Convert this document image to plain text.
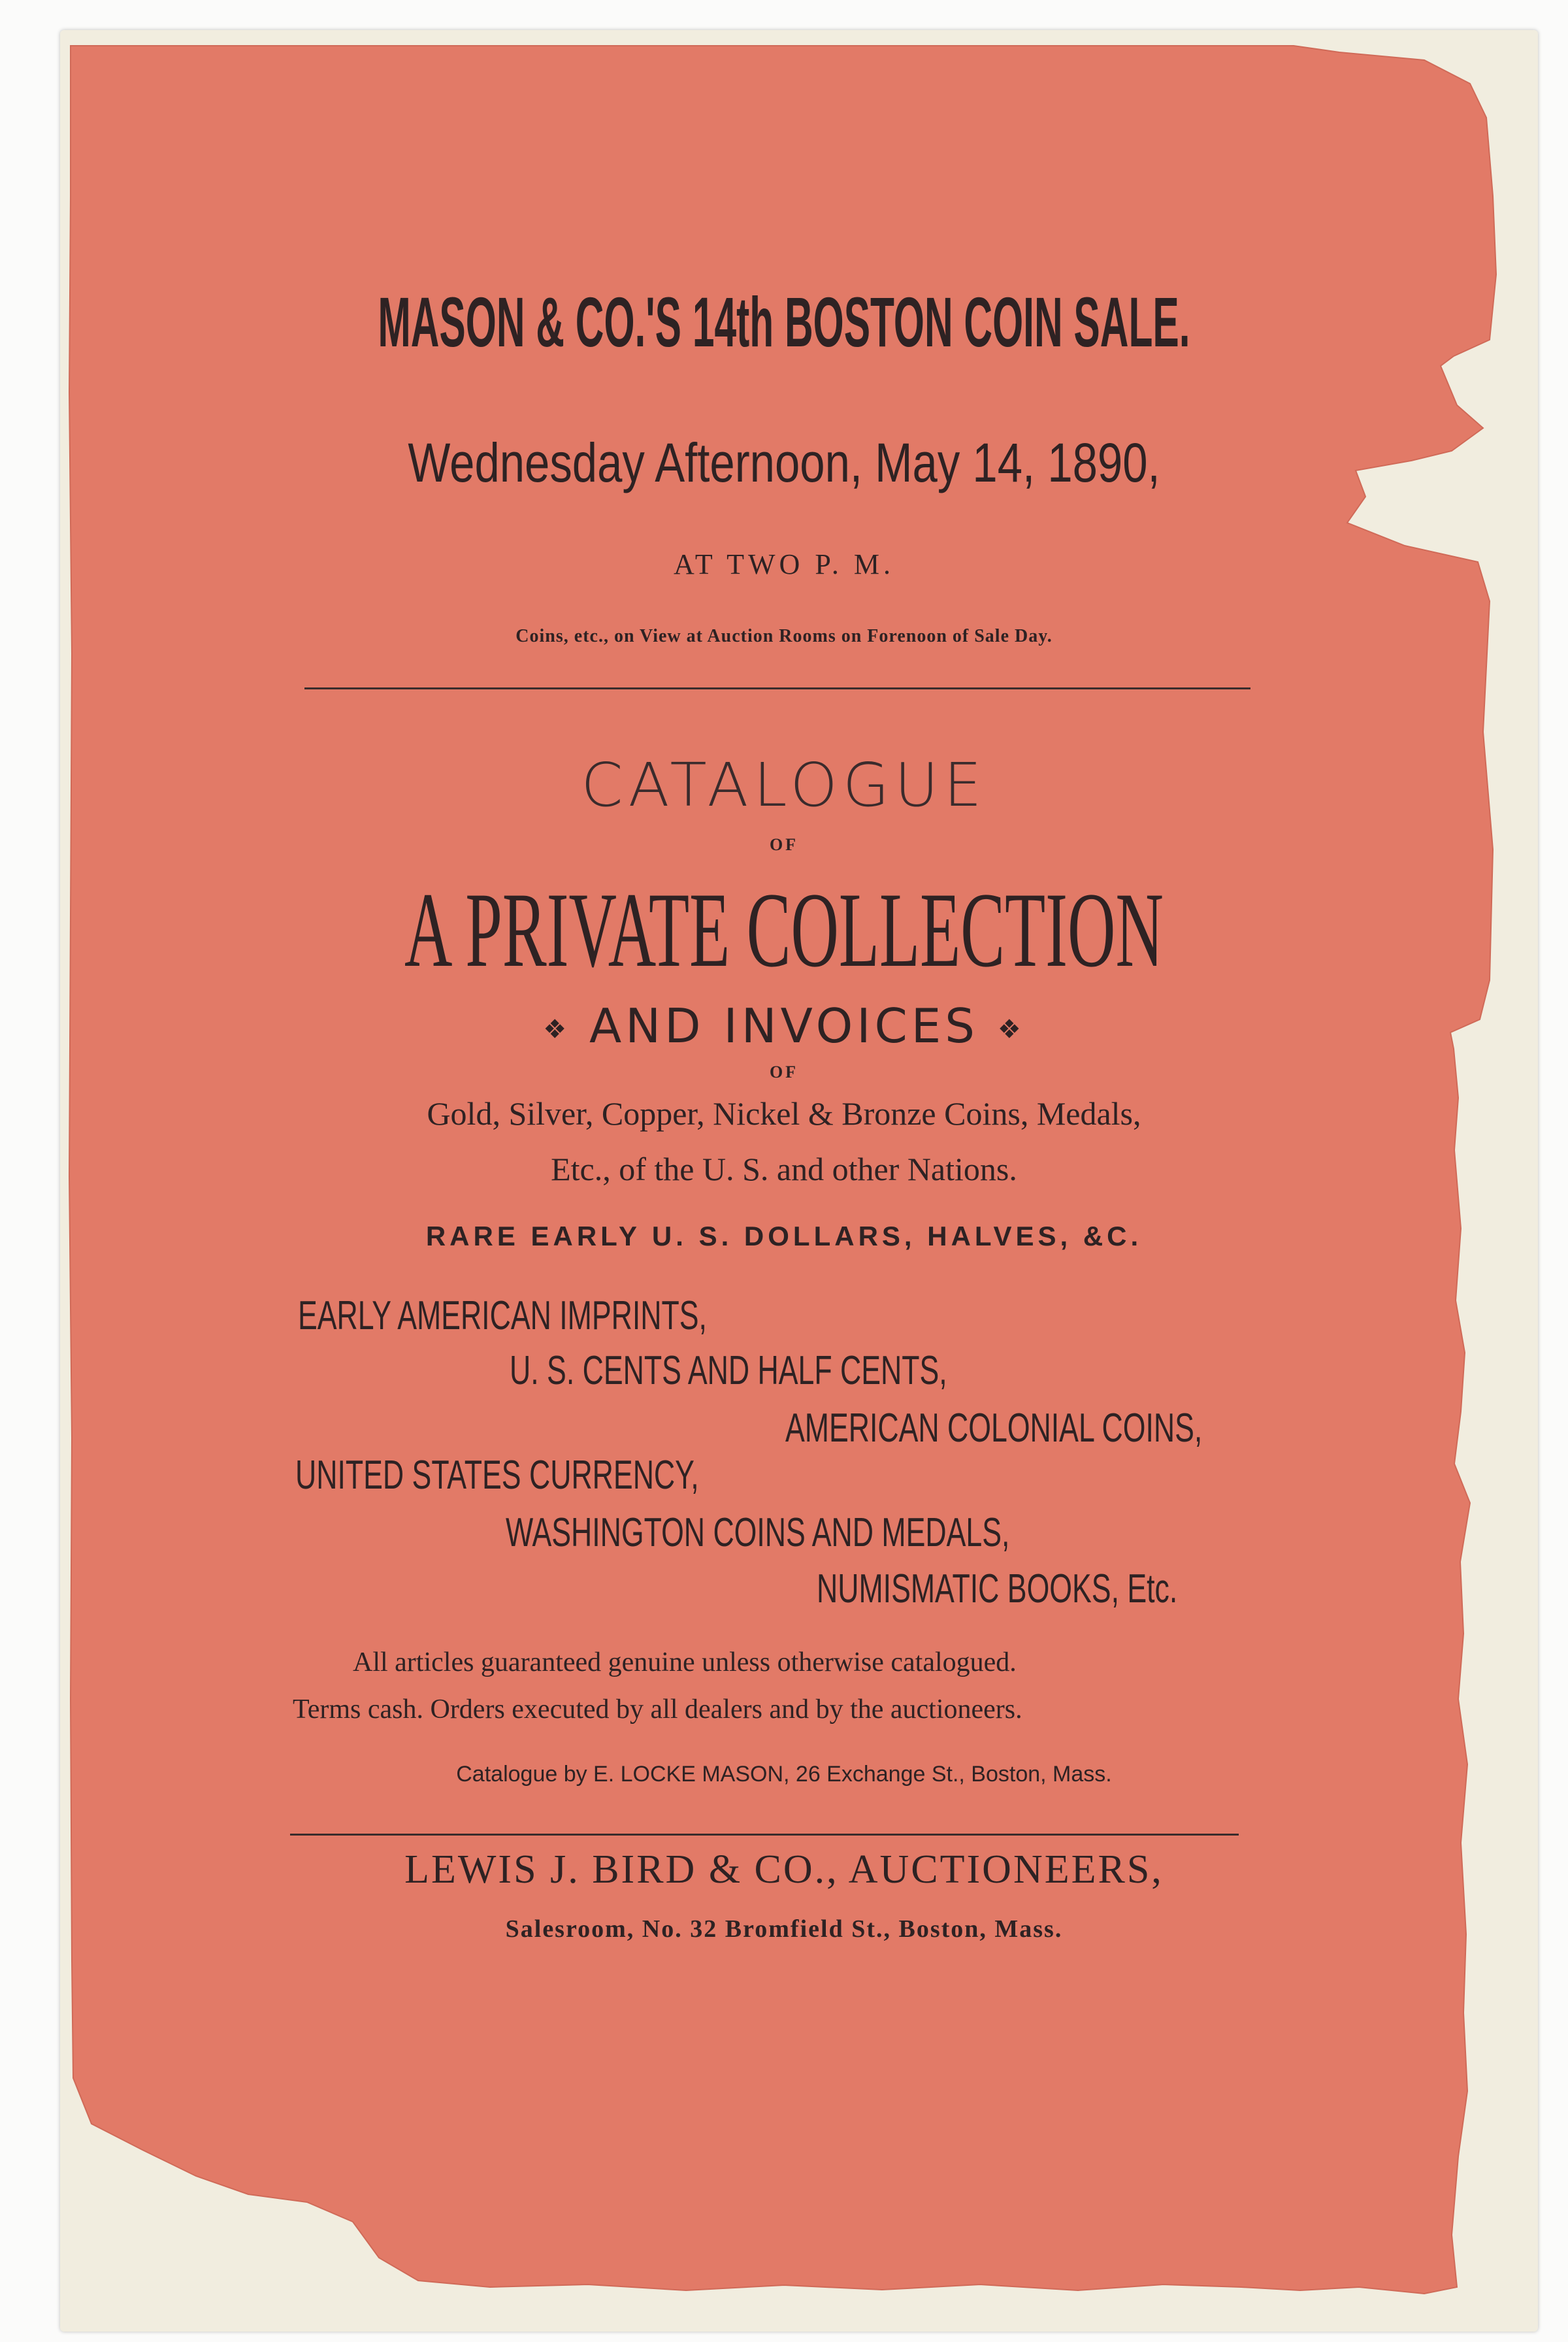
MASON & CO.'S 14th BOSTON COIN SALE.

Wednesday Afternoon, May 14, 1890,

AT TWO P. M.

Coins, etc., on View at Auction Rooms on Forenoon of Sale Day.

CATALOGUE

OF

A PRIVATE COLLECTION

❖ AND INVOICES ❖

OF

Gold, Silver, Copper, Nickel & Bronze Coins, Medals,

Etc., of the U. S. and other Nations.

RARE EARLY U. S. DOLLARS, HALVES, &C.

EARLY AMERICAN IMPRINTS,

U. S. CENTS AND HALF CENTS,

AMERICAN COLONIAL COINS,

UNITED STATES CURRENCY,

WASHINGTON COINS AND MEDALS,

NUMISMATIC BOOKS, Etc.

All articles guaranteed genuine unless otherwise catalogued.

Terms cash. Orders executed by all dealers and by the auctioneers.

Catalogue by E. LOCKE MASON, 26 Exchange St., Boston, Mass.

LEWIS J. BIRD & CO., AUCTIONEERS,

Salesroom, No. 32 Bromfield St., Boston, Mass.
